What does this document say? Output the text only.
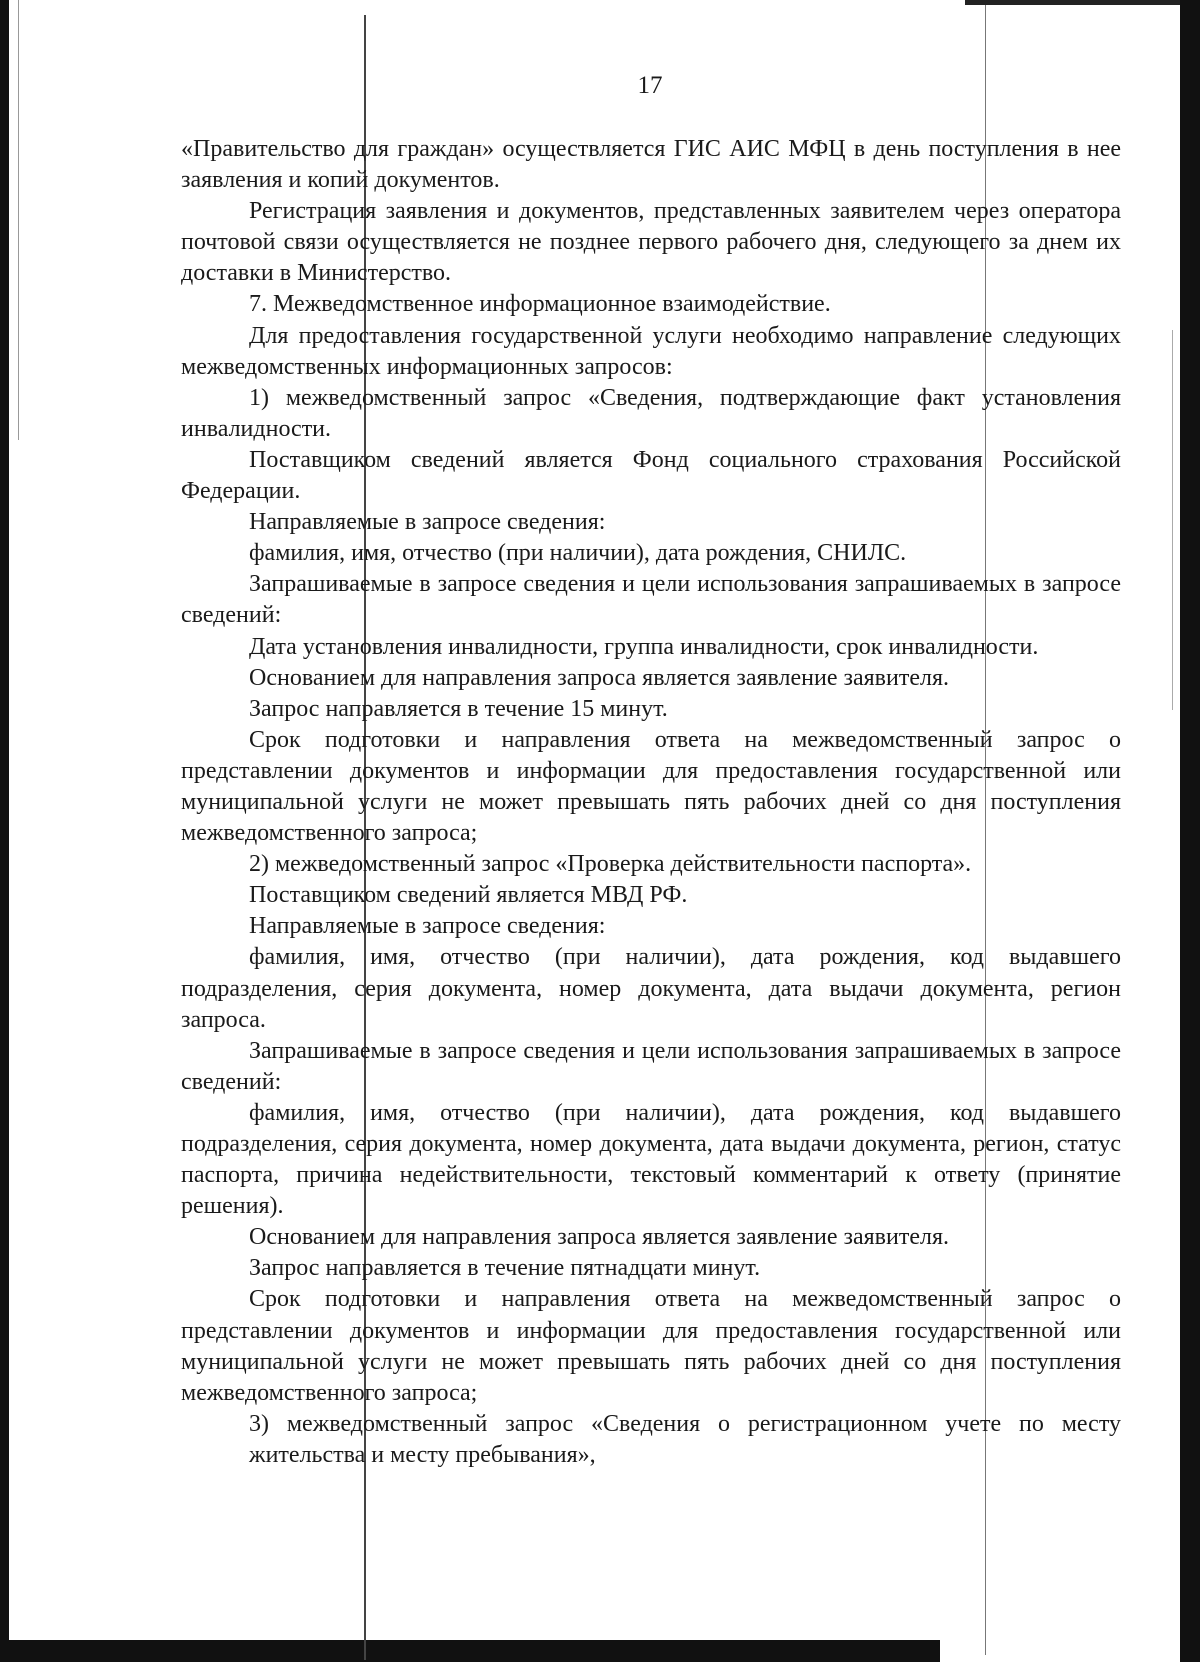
17

«Правительство для граждан» осуществляется ГИС АИС МФЦ в день поступления в нее заявления и копий документов.

Регистрация заявления и документов, представленных заявителем через оператора почтовой связи осуществляется не позднее первого рабочего дня, следующего за днем их доставки в Министерство.

7. Межведомственное информационное взаимодействие.

Для предоставления государственной услуги необходимо направление следующих межведомственных информационных запросов:

1) межведомственный запрос «Сведения, подтверждающие факт установления инвалидности.

Поставщиком сведений является Фонд социального страхования Российской Федерации.

Направляемые в запросе сведения:

фамилия, имя, отчество (при наличии), дата рождения, СНИЛС.

Запрашиваемые в запросе сведения и цели использования запрашиваемых в запросе сведений:

Дата установления инвалидности, группа инвалидности, срок инвалидности.

Основанием для направления запроса является заявление заявителя.

Запрос направляется в течение 15 минут.

Срок подготовки и направления ответа на межведомственный запрос о представлении документов и информации для предоставления государственной или муниципальной услуги не может превышать пять рабочих дней со дня поступления межведомственного запроса;

2) межведомственный запрос «Проверка действительности паспорта».

Поставщиком сведений является МВД РФ.

Направляемые в запросе сведения:

фамилия, имя, отчество (при наличии), дата рождения, код выдавшего подразделения, серия документа, номер документа, дата выдачи документа, регион запроса.

Запрашиваемые в запросе сведения и цели использования запрашиваемых в запросе сведений:

фамилия, имя, отчество (при наличии), дата рождения, код выдавшего подразделения, серия документа, номер документа, дата выдачи документа, регион, статус паспорта, причина недействительности, текстовый комментарий к ответу (принятие решения).

Основанием для направления запроса является заявление заявителя.

Запрос направляется в течение пятнадцати минут.

Срок подготовки и направления ответа на межведомственный запрос о представлении документов и информации для предоставления государственной или муниципальной услуги не может превышать пять рабочих дней со дня поступления межведомственного запроса;

3) межведомственный запрос «Сведения о регистрационном учете по месту жительства и месту пребывания»,
